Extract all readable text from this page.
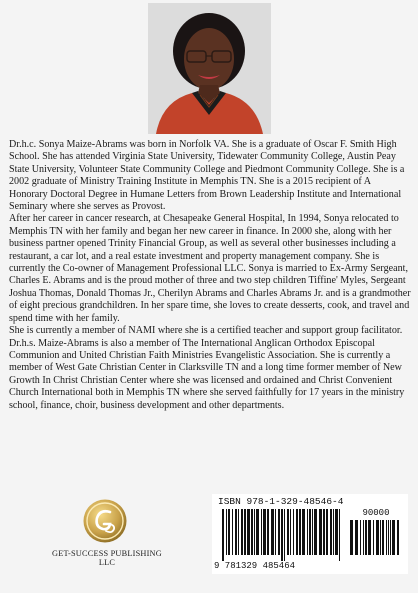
Dr.h.c. Sonya Maize-Abrams was born in Norfolk VA. She is a graduate of Oscar F. Smith High School. She has attended Virginia State University, Tidewater Community College, Austin Peay State University, Volunteer State Community College and Piedmont Community College. She is a 2002 graduate of Ministry Training Institute in Memphis TN. She is a 2015 recipient of A Honorary Doctoral Degree in Humane Letters from Brown Leadership Institute and International Seminary where she serves as Provost.

After her career in cancer research, at Chesapeake General Hospital, In 1994, Sonya relocated to Memphis TN with her family and began her new career in finance. In 2000 she, along with her business partner opened Trinity Financial Group, as well as several other businesses including a restaurant, a car lot, and a real estate investment and property management company. She is currently the Co-owner of Management Professional LLC. Sonya is married to Ex-Army Sergeant, Charles E. Abrams and is the proud mother of three and two step children Tiffine' Myles, Sergeant Joshua Thomas, Donald Thomas Jr., Cherilyn Abrams and Charles Abrams Jr. and is a grandmother of eight precious grandchildren. In her spare time, she loves to create desserts, cook, and travel and spend time with her family.

She is currently a member of NAMI where she is a certified teacher and support group facilitator. Dr.h.s. Maize-Abrams is also a member of The International Anglican Orthodox Episcopal Communion and United Christian Faith Ministries Evangelistic Association. She is currently a member of West Gate Christian Center in Clarksville TN and a long time former member of New Growth In Christ Christian Center where she was licensed and ordained and Christ Convenient Church International both in Memphis TN where she served faithfully for 17 years in the ministry school, finance, choir, business development and other departments.

GET-SUCCESS PUBLISHING LLC
ISBN 978-1-329-48546-4
90000
9 781329 485464
